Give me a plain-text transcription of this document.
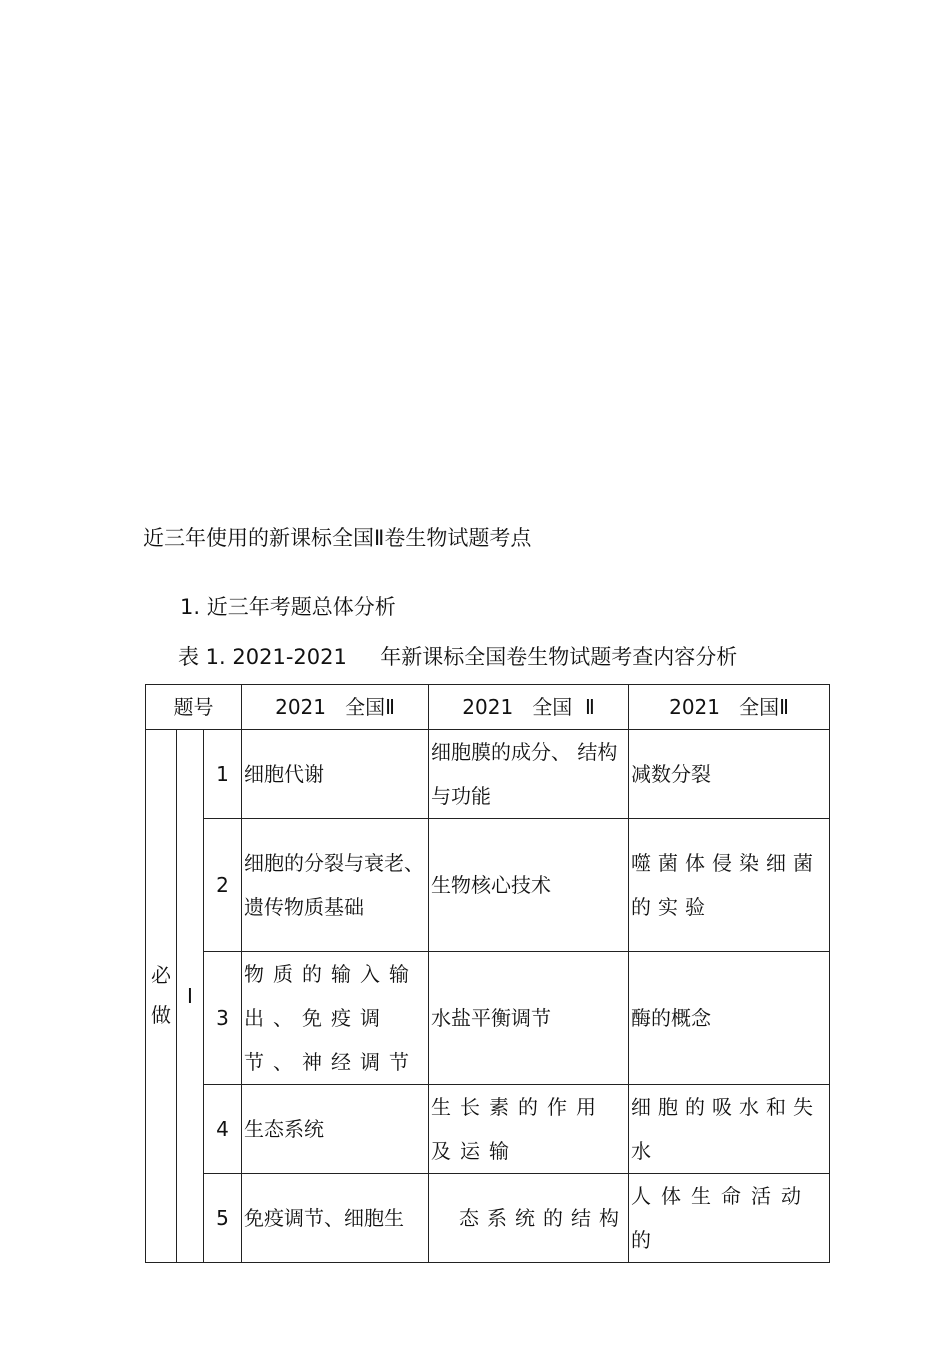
近三年使用的新课标全国Ⅱ卷生物试题考点
1. 近三年考题总体分析

表 1. 2021-2021     年新课标全国卷生物试题考查内容分析

题号			2021   全国Ⅱ	2021   全国  Ⅱ	2021   全国Ⅱ
必做	Ⅰ	1	细胞代谢	细胞膜的成分、 结构与功能	减数分裂
		2	细胞的分裂与衰老、遗传物质基础	生物核心技术	噬菌体侵染细菌的实验
		3	物质的输入输出、免疫调节、神经调节	水盐平衡调节	酶的概念
		4	生态系统	生长素的作用及运输	细胞的吸水和失水
		5	免疫调节、细胞生	态系统的结构	人体生命活动的
